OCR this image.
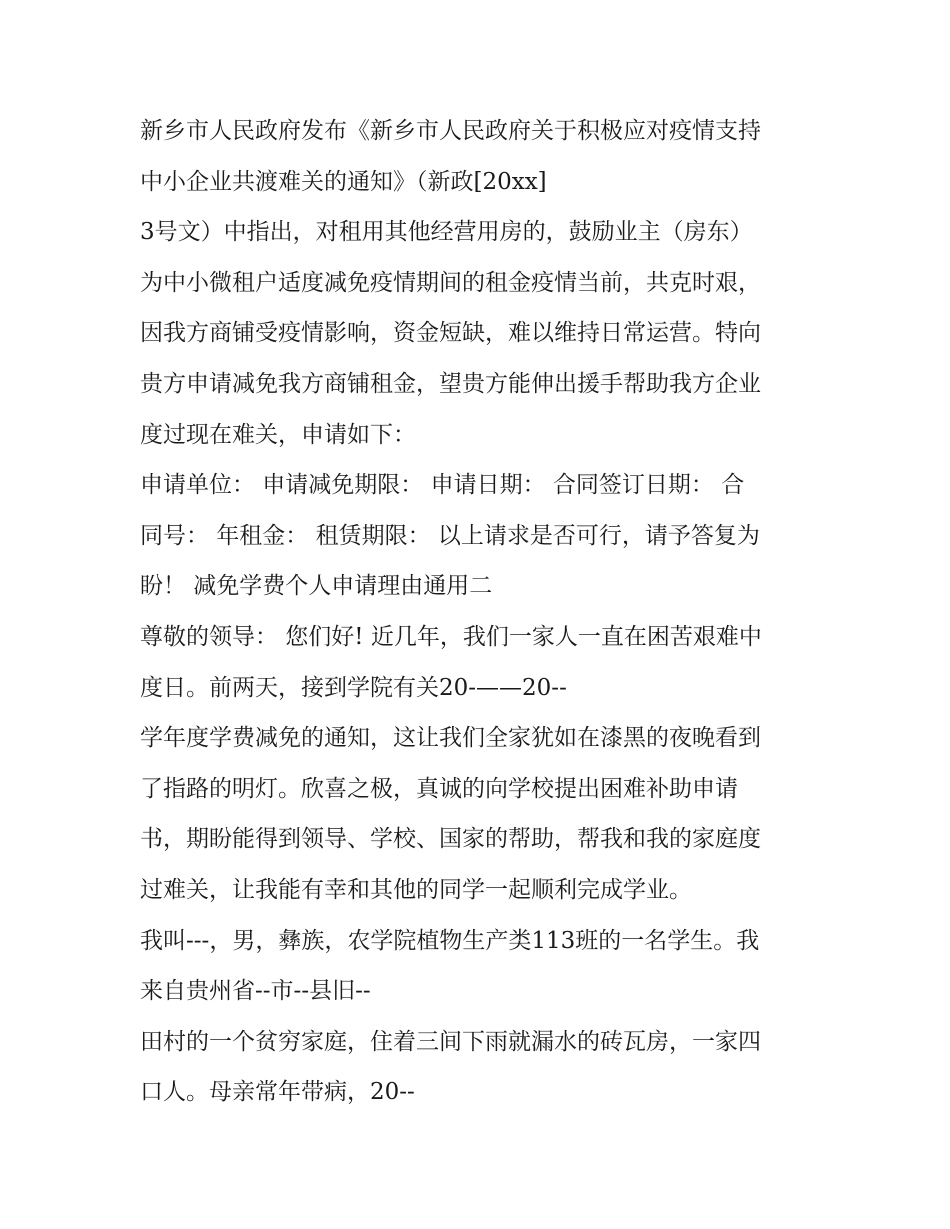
新乡市人民政府发布《新乡市人民政府关于积极应对疫情支持
中小企业共渡难关的通知》（新政[20xx]
3号文）中指出，对租用其他经营用房的，鼓励业主（房东）
为中小微租户适度减免疫情期间的租金疫情当前，共克时艰，
因我方商铺受疫情影响，资金短缺，难以维持日常运营。特向
贵方申请减免我方商铺租金，望贵方能伸出援手帮助我方企业
度过现在难关，申请如下：
申请单位： 申请减免期限： 申请日期： 合同签订日期： 合
同号： 年租金： 租赁期限： 以上请求是否可行，请予答复为
盼！ 减免学费个人申请理由通用二
尊敬的领导： 您们好! 近几年，我们一家人一直在困苦艰难中
度日。前两天，接到学院有关20-——20--
学年度学费减免的通知，这让我们全家犹如在漆黑的夜晚看到
了指路的明灯。欣喜之极，真诚的向学校提出困难补助申请
书，期盼能得到领导、学校、国家的帮助，帮我和我的家庭度
过难关，让我能有幸和其他的同学一起顺利完成学业。
我叫---，男，彝族，农学院植物生产类113班的一名学生。我
来自贵州省--市--县旧--
田村的一个贫穷家庭，住着三间下雨就漏水的砖瓦房，一家四
口人。母亲常年带病，20--
